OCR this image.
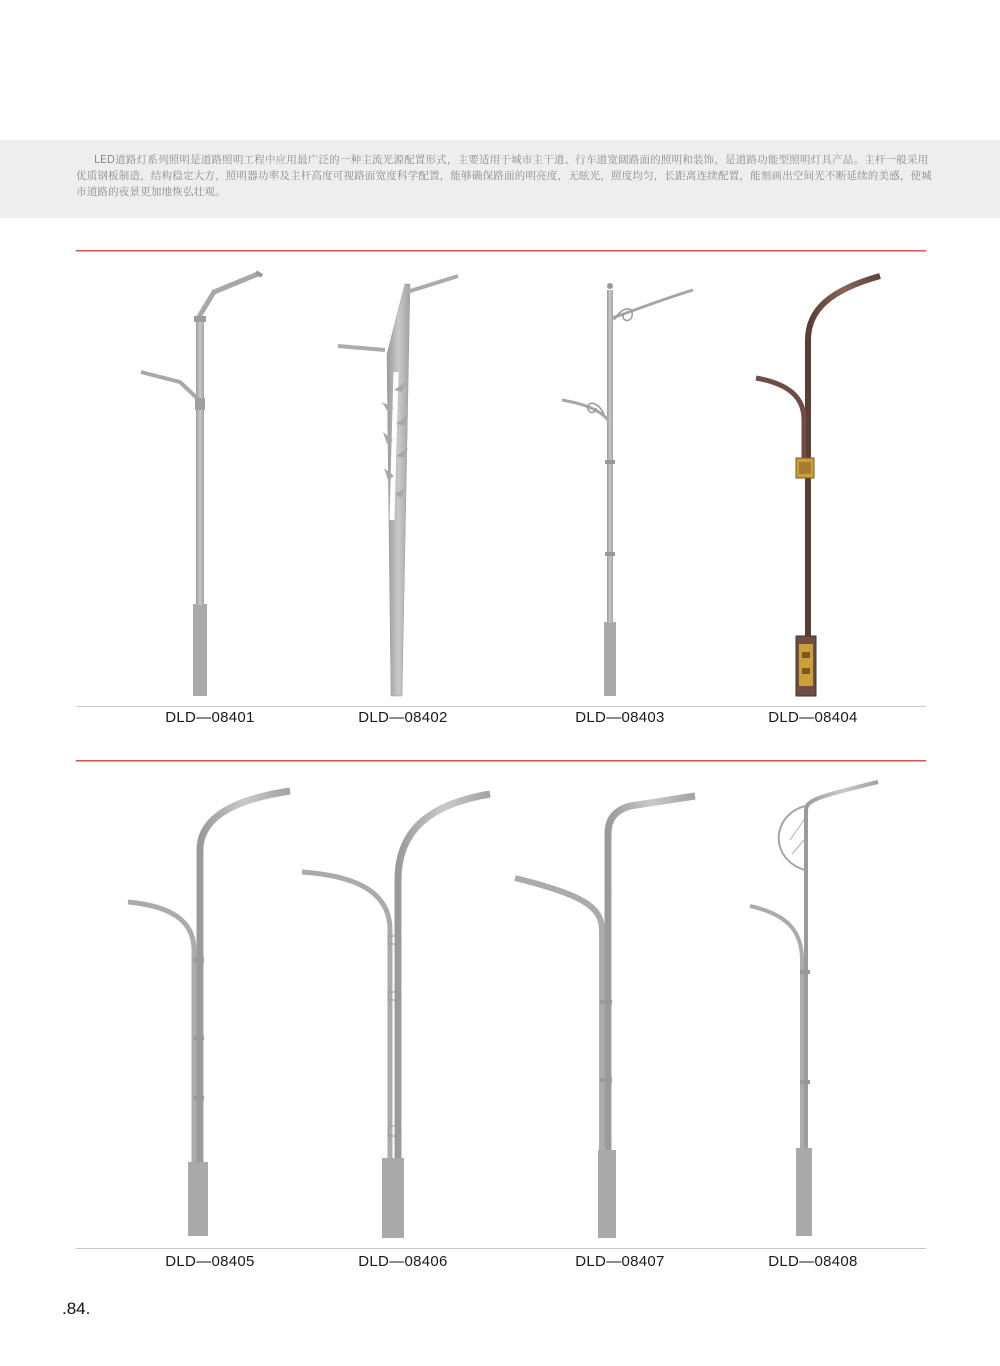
LED道路灯系列照明是道路照明工程中应用最广泛的一种主流光源配置形式，主要适用于城市主干道、行车道宽阔路面的照明和装饰，是道路功能型照明灯具产品。主杆一般采用优质钢板制造，结构稳定大方，照明器功率及主杆高度可视路面宽度科学配置，能够确保路面的明亮度，无眩光，照度均匀，长距离连续配置，能刻画出空间光不断延续的美感，使城市道路的夜景更加地恢弘壮观。
DLD—08401	DLD—08402	DLD—08403	DLD—08404
DLD—08405	DLD—08406	DLD—08407	DLD—08408
.84.
